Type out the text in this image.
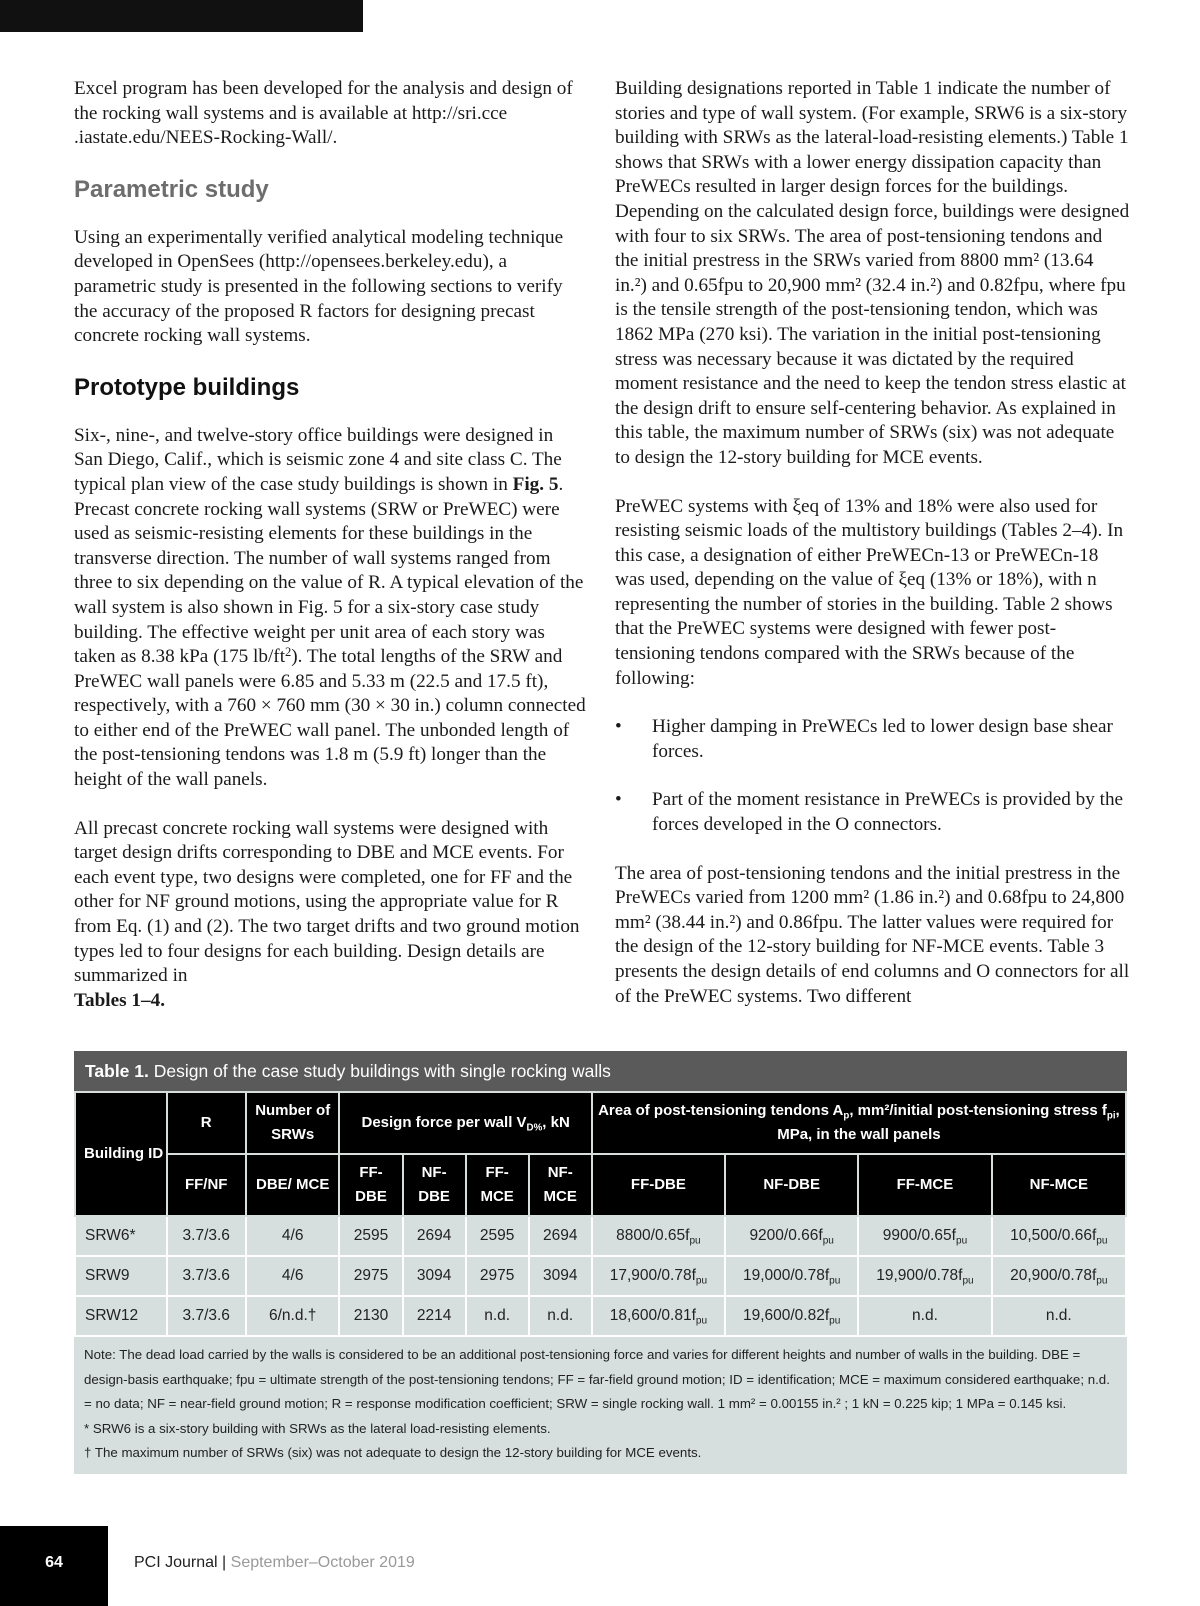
Excel program has been developed for the analysis and design of the rocking wall systems and is available at http://sri.cce .iastate.edu/NEES-Rocking-Wall/.

Parametric study

Using an experimentally verified analytical modeling technique developed in OpenSees (http://opensees.berkeley.edu), a parametric study is presented in the following sections to verify the accuracy of the proposed R factors for designing precast concrete rocking wall systems.

Prototype buildings

Six-, nine-, and twelve-story office buildings were designed in San Diego, Calif., which is seismic zone 4 and site class C. The typical plan view of the case study buildings is shown in Fig. 5. Precast concrete rocking wall systems (SRW or PreWEC) were used as seismic-resisting elements for these buildings in the transverse direction. The number of wall systems ranged from three to six depending on the value of R. A typical elevation of the wall system is also shown in Fig. 5 for a six-story case study building. The effective weight per unit area of each story was taken as 8.38 kPa (175 $lb/ft^2$). The total lengths of the SRW and PreWEC wall panels were 6.85 and 5.33 m (22.5 and 17.5 ft), respectively, with a 760 × 760 mm (30 × 30 in.) column connected to either end of the PreWEC wall panel. The unbonded length of the post-tensioning tendons was 1.8 m (5.9 ft) longer than the height of the wall panels.

All precast concrete rocking wall systems were designed with target design drifts corresponding to DBE and MCE events. For each event type, two designs were completed, one for FF and the other for NF ground motions, using the appropriate value for R from Eq. (1) and (2). The two target drifts and two ground motion types led to four designs for each building. Design details are summarized in
Tables 1–4.

Building designations reported in Table 1 indicate the number of stories and type of wall system. (For example, SRW6 is a six-story building with SRWs as the lateral-load-resisting elements.) Table 1 shows that SRWs with a lower energy dissipation capacity than PreWECs resulted in larger design forces for the buildings. Depending on the calculated design force, buildings were designed with four to six SRWs. The area of post-tensioning tendons and the initial prestress in the SRWs varied from 8800 mm² (13.64 in.²) and 0.65fpu to 20,900 mm² (32.4 in.²) and 0.82fpu, where fpu is the tensile strength of the post-tensioning tendon, which was 1862 MPa (270 ksi). The variation in the initial post-tensioning stress was necessary because it was dictated by the required moment resistance and the need to keep the tendon stress elastic at the design drift to ensure self-centering behavior. As explained in this table, the maximum number of SRWs (six) was not adequate to design the 12-story building for MCE events.

PreWEC systems with ξeq of 13% and 18% were also used for resisting seismic loads of the multistory buildings (Tables 2–4). In this case, a designation of either PreWECn-13 or PreWECn-18 was used, depending on the value of ξeq (13% or 18%), with n representing the number of stories in the building. Table 2 shows that the PreWEC systems were designed with fewer post-tensioning tendons compared with the SRWs because of the following:

• Higher damping in PreWECs led to lower design base shear forces.
• Part of the moment resistance in PreWECs is provided by the forces developed in the O connectors.

The area of post-tensioning tendons and the initial prestress in the PreWECs varied from 1200 mm² (1.86 in.²) and 0.68fpu to 24,800 mm² (38.44 in.²) and 0.86fpu. The latter values were required for the design of the 12-story building for NF-MCE events. Table 3 presents the design details of end columns and O connectors for all of the PreWEC systems. Two different

Table 1. Design of the case study buildings with single rocking walls
Building ID	R	Number of SRWs	Design force per wall $V_{D\%}$, kN				Area of post-tensioning tendons $A_p$, mm²/initial post-tensioning stress $f_{pi}$, MPa, in the wall panels			
	FF/NF	DBE/ MCE	FF- DBE	NF- DBE	FF- MCE	NF- MCE	FF-DBE	NF-DBE	FF-MCE	NF-MCE
SRW6*	3.7/3.6	4/6	2595	2694	2595	2694	$8800/0.65f_{pu}$	$9200/0.66f_{pu}$	$9900/0.65f_{pu}$	$10,500/0.66f_{pu}$
SRW9	3.7/3.6	4/6	2975	3094	2975	3094	$17,900/0.78f_{pu}$	$19,000/0.78f_{pu}$	$19,900/0.78f_{pu}$	$20,900/0.78f_{pu}$
SRW12	3.7/3.6	6/n.d.†	2130	2214	n.d.	n.d.	$18,600/0.81f_{pu}$	$19,600/0.82f_{pu}$	n.d.	n.d.

Note: The dead load carried by the walls is considered to be an additional post-tensioning force and varies for different heights and number of walls in the building. DBE = design-basis earthquake; fpu = ultimate strength of the post-tensioning tendons; FF = far-field ground motion; ID = identification; MCE = maximum considered earthquake; n.d. = no data; NF = near-field ground motion; R = response modification coefficient; SRW = single rocking wall. 1 mm² = 0.00155 in.² ; 1 kN = 0.225 kip; 1 MPa = 0.145 ksi.

* SRW6 is a six-story building with SRWs as the lateral load-resisting elements.

† The maximum number of SRWs (six) was not adequate to design the 12-story building for MCE events.

64	PCI Journal | September–October 2019
